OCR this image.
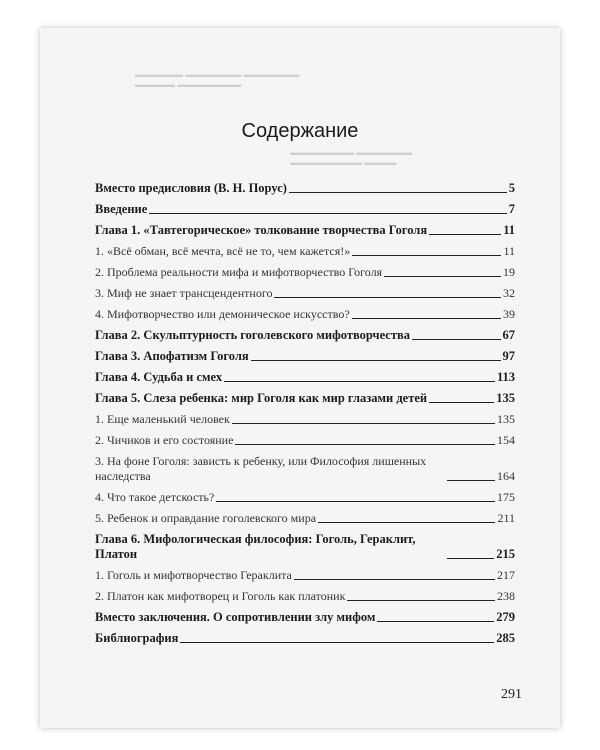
▬▬▬▬▬▬ ▬▬▬▬▬▬▬ ▬▬▬▬▬▬▬
▬▬▬▬▬ ▬▬▬▬▬▬▬▬
▬▬▬▬▬▬▬▬ ▬▬▬▬▬▬▬
▬▬▬▬▬▬▬▬▬ ▬▬▬▬
Содержание
Вместо предисловия (В. Н. Порус)	5
Введение	7
Глава 1. «Тавтегорическое» толкование творчества Гоголя	11
1. «Всё обман, всё мечта, всё не то, чем кажется!»	11
2. Проблема реальности мифа и мифотворчество Гоголя	19
3. Миф не знает трансцендентного	32
4. Мифотворчество или демоническое искусство?	39
Глава 2. Скульптурность гоголевского мифотворчества	67
Глава 3. Апофатизм Гоголя	97
Глава 4. Судьба и смех	113
Глава 5. Слеза ребенка: мир Гоголя как мир глазами детей	135
1. Еще маленький человек	135
2. Чичиков и его состояние	154
3. На фоне Гоголя: зависть к ребенку, или Философия лишенных наследства	164
4. Что такое детскость?	175
5. Ребенок и оправдание гоголевского мира	211
Глава 6. Мифологическая философия: Гоголь, Гераклит, Платон	215
1. Гоголь и мифотворчество Гераклита	217
2. Платон как мифотворец и Гоголь как платоник	238
Вместо заключения. О сопротивлении злу мифом	279
Библиография	285
291
